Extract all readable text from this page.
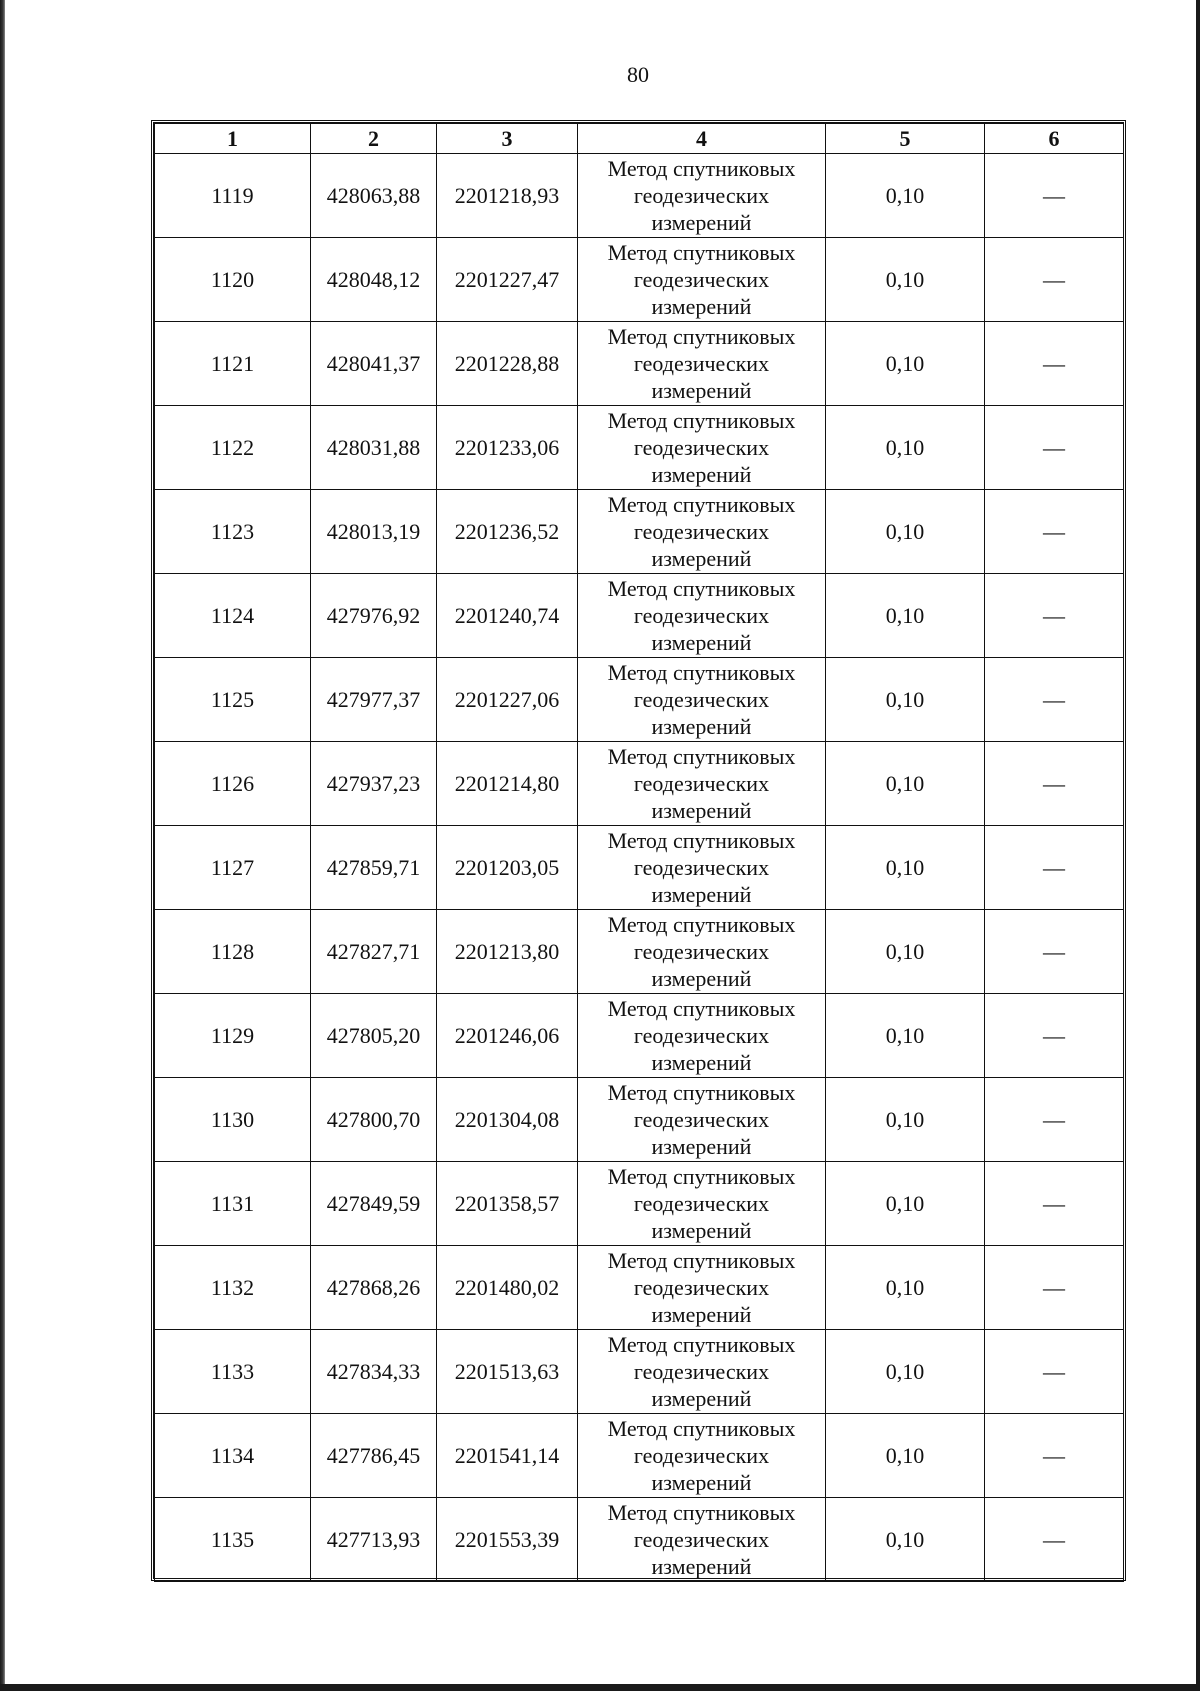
80
1	2	3	4	5	6
1119	428063,88	2201218,93	Метод спутниковых
геодезических
измерений	0,10	—
1120	428048,12	2201227,47	Метод спутниковых
геодезических
измерений	0,10	—
1121	428041,37	2201228,88	Метод спутниковых
геодезических
измерений	0,10	—
1122	428031,88	2201233,06	Метод спутниковых
геодезических
измерений	0,10	—
1123	428013,19	2201236,52	Метод спутниковых
геодезических
измерений	0,10	—
1124	427976,92	2201240,74	Метод спутниковых
геодезических
измерений	0,10	—
1125	427977,37	2201227,06	Метод спутниковых
геодезических
измерений	0,10	—
1126	427937,23	2201214,80	Метод спутниковых
геодезических
измерений	0,10	—
1127	427859,71	2201203,05	Метод спутниковых
геодезических
измерений	0,10	—
1128	427827,71	2201213,80	Метод спутниковых
геодезических
измерений	0,10	—
1129	427805,20	2201246,06	Метод спутниковых
геодезических
измерений	0,10	—
1130	427800,70	2201304,08	Метод спутниковых
геодезических
измерений	0,10	—
1131	427849,59	2201358,57	Метод спутниковых
геодезических
измерений	0,10	—
1132	427868,26	2201480,02	Метод спутниковых
геодезических
измерений	0,10	—
1133	427834,33	2201513,63	Метод спутниковых
геодезических
измерений	0,10	—
1134	427786,45	2201541,14	Метод спутниковых
геодезических
измерений	0,10	—
1135	427713,93	2201553,39	Метод спутниковых
геодезических
измерений	0,10	—
